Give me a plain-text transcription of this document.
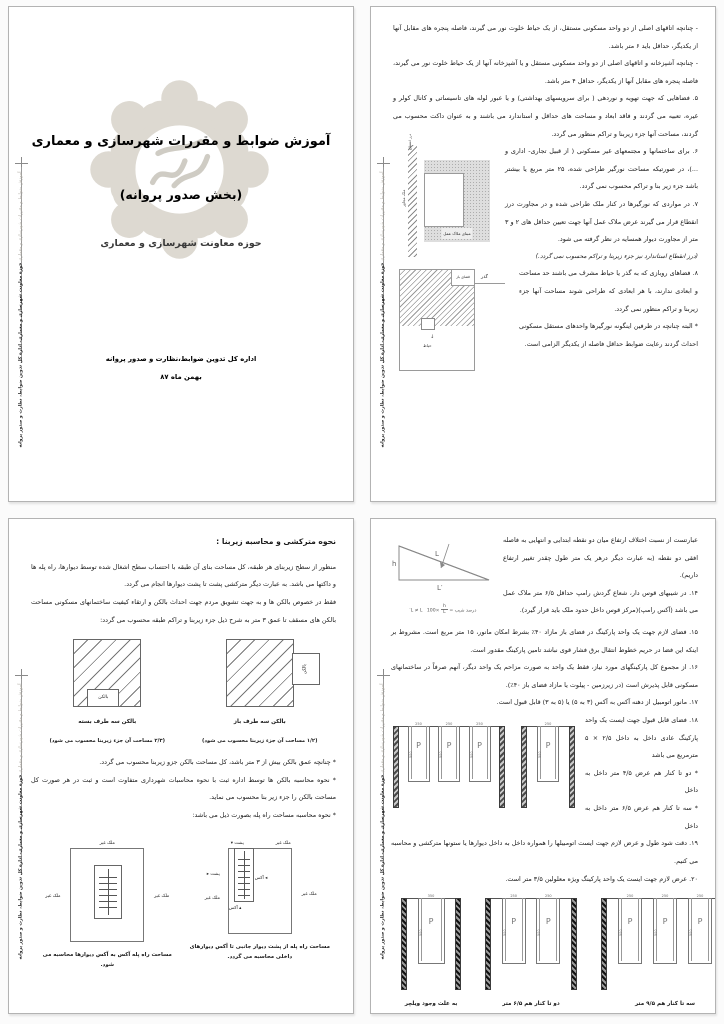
آموزش ضوابط و مقررات شهرسازی و معماری حوزه معاونت شهرسازی و معماری- اداره کل تدوین ضوابط، نظارت و صدور پروانه
آموزش ضوابط و مقررات شهرسازی و معماری
(بخش صدور پروانه)
حوزه معاونت شهرسازی و معماری
اداره کل تدوین ضوابط،نظارت و صدور پروانه
بهمن ماه ۸۷
آموزش ضوابط و مقررات شهرسازی و معماری حوزه معاونت شهرسازی و معماری- اداره کل تدوین ضوابط، نظارت و صدور پروانه

- چنانچه اتاقهای اصلی از دو واحد مسکونی مستقل، از یک حیاط خلوت نور می گیرند، فاصله پنجره های مقابل آنها از یکدیگر، حداقل باید ۶ متر باشد.

- چنانچه آشپزخانه و اتاقهای اصلی از دو واحد مسکونی مستقل و یا آشپزخانه آنها از یک حیاط خلوت نور می گیرند، فاصله پنجره های مقابل آنها از یکدیگر، حداقل ۴ متر باشد.

۵. فضاهایی که جهت تهویه و نوردهی ( برای سرویسهای بهداشتی) و یا عبور لوله های تاسیساتی و کانال کولر و غیره، تعبیه می گردند و فاقد ابعاد و مساحت های حداقل و استاندارد می باشند و به عنوان داکت محسوب می گردند، مساحت آنها جزء زیربنا و تراکم منظور می گردد.

ملک مجاور
درز انقطاع
مبنای ملاک عمل

۶. برای ساختمانها و مجتمعهای غیر مسکونی ( از قبیل تجاری- اداری و ...)، در صورتیکه مساحت نورگیر طراحی شده، ۲۵ متر مربع یا بیشتر باشد جزء زیر بنا و تراکم محسوب نمی گردد.

۷. در مواردی که نورگیرها در کنار ملک طراحی شده و در مجاورت درز انقطاع قرار می گیرند عرض ملاک عمل آنها جهت تعیین حداقل های ۲ و ۳ متر از مجاورت دیوار همسایه در نظر گرفته می شود.

(درز انقطاع استاندارد نیز جزء زیربنا و تراکم محسوب نمی گردد.)

فضای باز	گذر
↓
حیاط

۸. فضاهای روبازی که به گذر یا حیاط مشرف می باشند حد مساحت و ابعادی ندارند، با هر ابعادی که طراحی شوند مساحت آنها جزء زیربنا و تراکم منظور نمی گردد.

* البته چنانچه در طرفین اینگونه نورگیرها واحدهای مستقل مسکونی احداث گردند رعایت ضوابط حداقل فاصله از یکدیگر الزامی است.

آموزش ضوابط و مقررات شهرسازی و معماری حوزه معاونت شهرسازی و معماری- اداره کل تدوین ضوابط، نظارت و صدور پروانه
نحوه مترکشی و محاسبه زیربنا :

منظور از سطح زیربنای هر طبقه، کل مساحت بنای آن طبقه با احتساب سطح اشغال شده توسط دیوارها، راه پله ها و داکتها می باشد. به عبارت دیگر مترکشی پشت تا پشت دیوارها انجام می گردد.

فقط در خصوص بالکن ها و به جهت تشویق مردم جهت احداث بالکن و ارتقاء کیفیت ساختمانهای مسکونی مساحت بالکن های مسقف تا عمق ۳ متر به شرح ذیل جزء زیربنا و تراکم طبقه محسوب می گردد:

بالکن
بالکن سه طرف باز
(۱/۲ مساحت آن جزء زیربنا محسوب می شود)
بالکن
بالکن سه طرف بسته
(۲/۳ مساحت آن جزء زیربنا محسوب می شود)

* چنانچه عمق بالکن بیش از ۳ متر باشد، کل مساحت بالکن جزو زیربنا محسوب می گردد.

* نحوه محاسبه بالکن ها توسط اداره ثبت با نحوه محاسبات شهرداری متفاوت است و ثبت در هر صورت کل مساحت بالکن را جزء زیر بنا محسوب می نماید.

* نحوه محاسبه مساحت راه پله بصورت ذیل می باشد:

پشت ▾	ملک غیر
پشت ▸
◂ آکس
▴ آکس
ملک غیر
ملک غیر
مساحت راه پله از پشت دیوار جانبی تا آکس دیوارهای داخلی محاسبه می گردد.
ملک غیر
ملک غیر	ملک غیر
مساحت راه پله آکس به آکس دیوارها محاسبه می شود.
آموزش ضوابط و مقررات شهرسازی و معماری حوزه معاونت شهرسازی و معماری- اداره کل تدوین ضوابط، نظارت و صدور پروانه
h
L
L′
درصد شیب =
$\frac{h}{L} \times 100$   L ≠ L′

عبارتست از نسبت اختلاف ارتفاع میان دو نقطه ابتدایی و انتهایی به فاصله افقی دو نقطه (به عبارت دیگر درهر یک متر طول چقدر تغییر ارتفاع داریم).

۱۴. در شیبهای قوس دار، شعاع گردش رامپ حداقل ۶/۵ متر ملاک عمل می باشد (آکس رامپ)(مرکز قوس داخل حدود ملک باید قرار گیرد).

۱۵. فضای لازم جهت یک واحد پارکینگ در فضای باز مازاد ۴۰٪ بشرط امکان مانور، ۱۵ متر مربع است. مشروط بر اینکه این فضا در حریم خطوط انتقال برق فشار قوی نباشد تامین پارکینگ مقدور است.

۱۶. از مجموع کل پارکینگهای مورد نیاز، فقط یک واحد به صورت مزاحم یک واحد دیگر، آنهم صرفاً در ساختمانهای مسکونی قابل پذیرش است (در زیرزمین - پیلوت یا مازاد فضای باز ۴۰٪).

۱۷. مانور اتومبیل از دهنه آکس به آکس (۳ به ۵) یا (۵ به ۳) قابل قبول است.

250
P
500
250
P
500
250
P
500
250
P
500

۱۸. فضای قابل قبول جهت ایست یک واحد پارکینگ عادی داخل به داخل ۲/۵ × ۵ مترمربع می باشد

* دو تا کنار هم عرض ۴/۵ متر داخل به داخل

* سه تا کنار هم عرض ۶/۵ متر داخل به داخل

۱۹. دقت شود طول و عرض لازم جهت ایست اتومبیلها را همواره داخل به داخل دیوارها یا ستونها مترکشی و محاسبه می کنیم.

۲۰. عرض لازم جهت ایست یک واحد پارکینگ ویژه معلولین ۳/۵ متر است.

350
P
500
به علت وجود ویلچر
250
P
500
250
P
500
دو تا کنار هم ۶/۵ متر
250
P
500
250
P
500
250
P
500
سه تا کنار هم ۹/۵ متر
